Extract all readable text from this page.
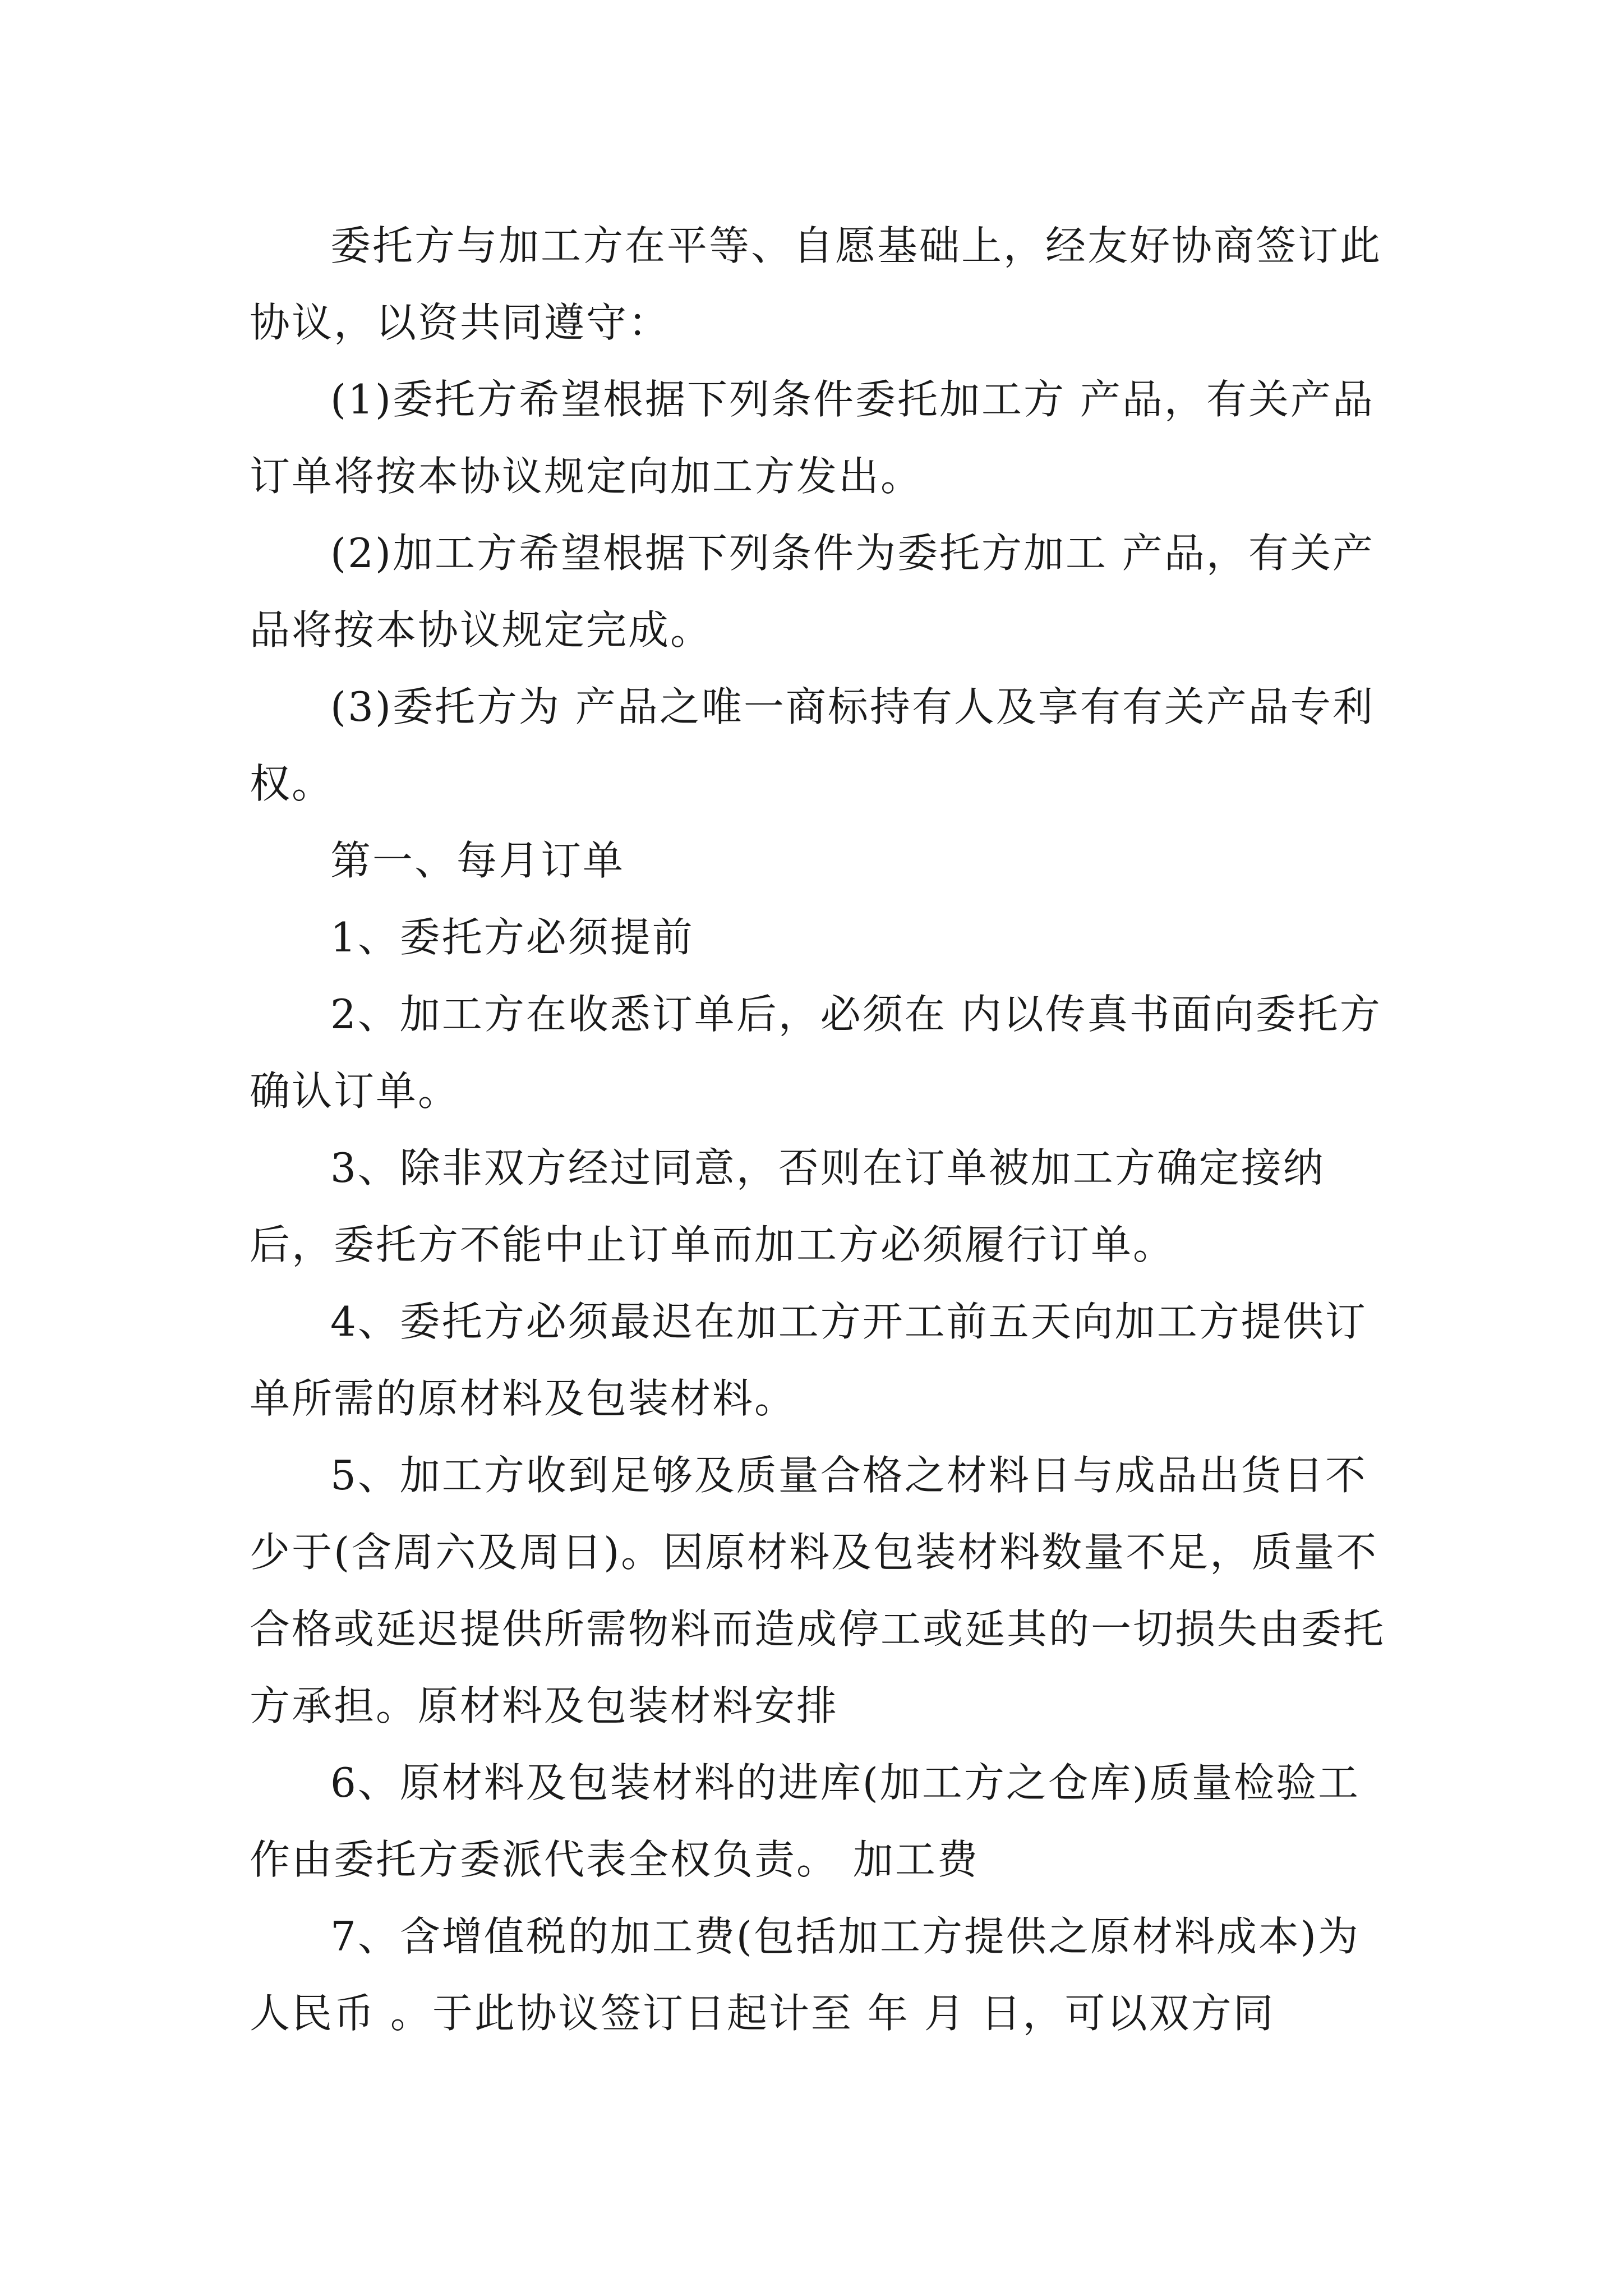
委托方与加工方在平等、自愿基础上，经友好协商签订此协议，以资共同遵守：

(1)委托方希望根据下列条件委托加工方 产品，有关产品订单将按本协议规定向加工方发出。

(2)加工方希望根据下列条件为委托方加工 产品，有关产品将按本协议规定完成。

(3)委托方为 产品之唯一商标持有人及享有有关产品专利权。

第一、每月订单

1、委托方必须提前

2、加工方在收悉订单后，必须在 内以传真书面向委托方确认订单。

3、除非双方经过同意，否则在订单被加工方确定接纳后，委托方不能中止订单而加工方必须履行订单。

4、委托方必须最迟在加工方开工前五天向加工方提供订单所需的原材料及包装材料。

5、加工方收到足够及质量合格之材料日与成品出货日不少于(含周六及周日)。因原材料及包装材料数量不足，质量不合格或延迟提供所需物料而造成停工或延其的一切损失由委托方承担。原材料及包装材料安排

6、原材料及包装材料的进库(加工方之仓库)质量检验工作由委托方委派代表全权负责。 加工费

7、含增值税的加工费(包括加工方提供之原材料成本)为人民币 。于此协议签订日起计至 年 月 日，可以双方同
